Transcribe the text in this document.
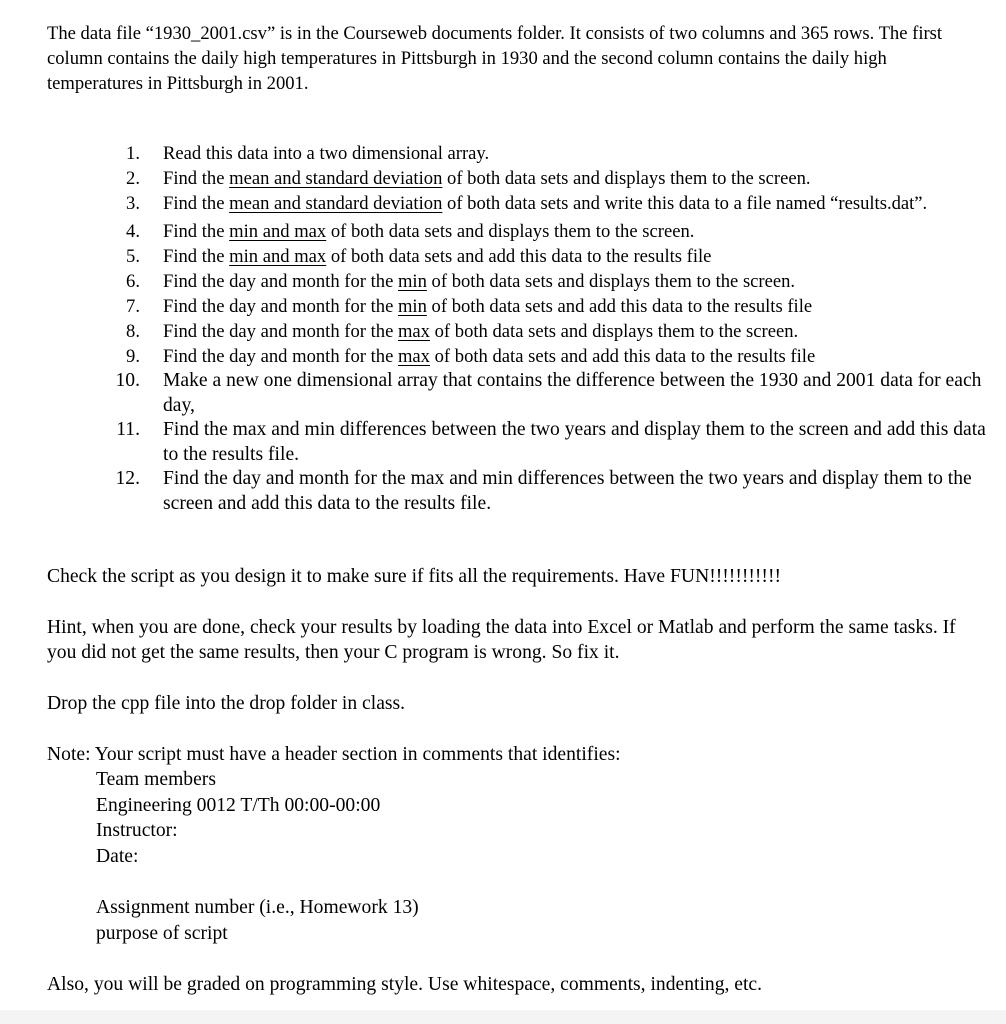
The data file “1930_2001.csv” is in the Courseweb documents folder. It consists of two columns and 365 rows. The first column contains the daily high temperatures in Pittsburgh in 1930 and the second column contains the daily high temperatures in Pittsburgh in 2001.

1. Read this data into a two dimensional array.
2. Find the mean and standard deviation of both data sets and displays them to the screen.
3. Find the mean and standard deviation of both data sets and write this data to a file named “results.dat”.
4. Find the min and max of both data sets and displays them to the screen.
5. Find the min and max of both data sets and add this data to the results file
6. Find the day and month for the min of both data sets and displays them to the screen.
7. Find the day and month for the min of both data sets and add this data to the results file
8. Find the day and month for the max of both data sets and displays them to the screen.
9. Find the day and month for the max of both data sets and add this data to the results file
10. Make a new one dimensional array that contains the difference between the 1930 and 2001 data for each day,
11. Find the max and min differences between the two years and display them to the screen and add this data to the results file.
12. Find the day and month for the max and min differences between the two years and display them to the screen and add this data to the results file.

Check the script as you design it to make sure if fits all the requirements. Have FUN!!!!!!!!!!!

Hint, when you are done, check your results by loading the data into Excel or Matlab and perform the same tasks. If you did not get the same results, then your C program is wrong. So fix it.

Drop the cpp file into the drop folder in class.

Note: Your script must have a header section in comments that identifies:

Team members
Engineering 0012 T/Th 00:00-00:00
Instructor:
Date:
Assignment number (i.e., Homework 13)
purpose of script

Also, you will be graded on programming style. Use whitespace, comments, indenting, etc.
